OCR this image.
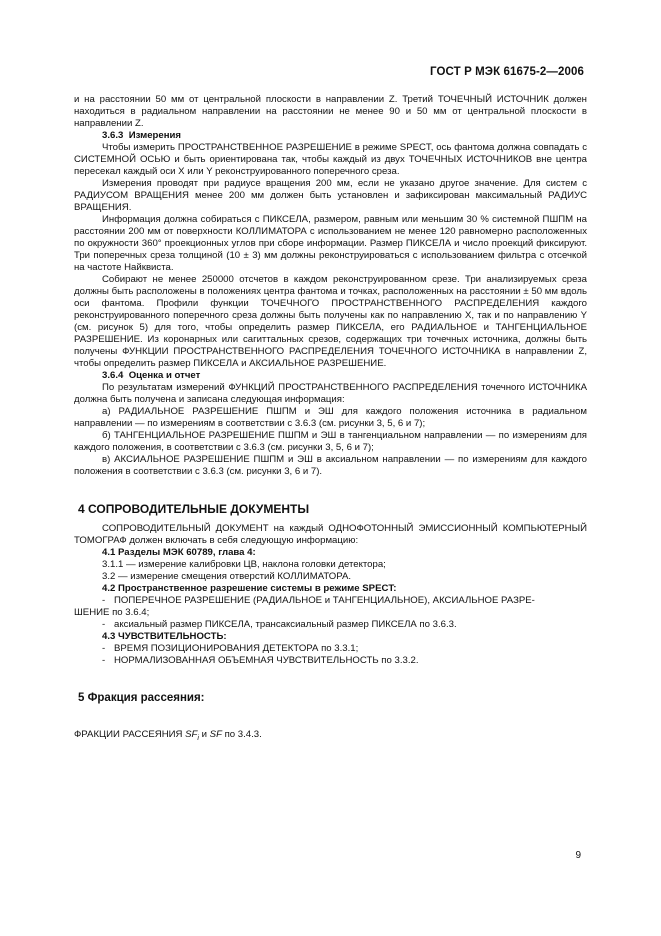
ГОСТ Р МЭК 61675-2—2006

и на расстоянии 50 мм от центральной плоскости в направлении Z. Третий ТОЧЕЧНЫЙ ИСТОЧНИК должен находиться в радиальном направлении на расстоянии не менее 90 и 50 мм от центральной плоскости в направлении Z.

3.6.3 Измерения

Чтобы измерить ПРОСТРАНСТВЕННОЕ РАЗРЕШЕНИЕ в режиме SPECT, ось фантома должна совпадать с СИСТЕМНОЙ ОСЬЮ и быть ориентирована так, чтобы каждый из двух ТОЧЕЧНЫХ ИСТОЧНИКОВ вне центра пересекал каждый оси X или Y реконструированного поперечного среза.

Измерения проводят при радиусе вращения 200 мм, если не указано другое значение. Для систем с РАДИУСОМ ВРАЩЕНИЯ менее 200 мм должен быть установлен и зафиксирован максимальный РАДИУС ВРАЩЕНИЯ.

Информация должна собираться с ПИКСЕЛА, размером, равным или меньшим 30 % системной ПШПМ на расстоянии 200 мм от поверхности КОЛЛИМАТОРА с использованием не менее 120 равномерно расположенных по окружности 360° проекционных углов при сборе информации. Размер ПИКСЕЛА и число проекций фиксируют. Три поперечных среза толщиной (10 ± 3) мм должны реконструироваться с использованием фильтра с отсечкой на частоте Найквиста.

Собирают не менее 250000 отсчетов в каждом реконструированном срезе. Три анализируемых среза должны быть расположены в положениях центра фантома и точках, расположенных на расстоянии ± 50 мм вдоль оси фантома. Профили функции ТОЧЕЧНОГО ПРОСТРАНСТВЕННОГО РАСПРЕДЕЛЕНИЯ каждого реконструированного поперечного среза должны быть получены как по направлению X, так и по направлению Y (см. рисунок 5) для того, чтобы определить размер ПИКСЕЛА, его РАДИАЛЬНОЕ и ТАНГЕНЦИАЛЬНОЕ РАЗРЕШЕНИЕ. Из коронарных или сагиттальных срезов, содержащих три точечных источника, должны быть получены ФУНКЦИИ ПРОСТРАНСТВЕННОГО РАСПРЕДЕЛЕНИЯ ТОЧЕЧНОГО ИСТОЧНИКА в направлении Z, чтобы определить размер ПИКСЕЛА и АКСИАЛЬНОЕ РАЗРЕШЕНИЕ.

3.6.4 Оценка и отчет

По результатам измерений ФУНКЦИЙ ПРОСТРАНСТВЕННОГО РАСПРЕДЕЛЕНИЯ точечного ИСТОЧНИКА должна быть получена и записана следующая информация:

а) РАДИАЛЬНОЕ РАЗРЕШЕНИЕ ПШПМ и ЭШ для каждого положения источника в радиальном направлении — по измерениям в соответствии с 3.6.3 (см. рисунки 3, 5, 6 и 7);

б) ТАНГЕНЦИАЛЬНОЕ РАЗРЕШЕНИЕ ПШПМ и ЭШ в тангенциальном направлении — по измерениям для каждого положения, в соответствии с 3.6.3 (см. рисунки 3, 5, 6 и 7);

в) АКСИАЛЬНОЕ РАЗРЕШЕНИЕ ПШПМ и ЭШ в аксиальном направлении — по измерениям для каждого положения в соответствии с 3.6.3 (см. рисунки 3, 6 и 7).

4 СОПРОВОДИТЕЛЬНЫЕ ДОКУМЕНТЫ

СОПРОВОДИТЕЛЬНЫЙ ДОКУМЕНТ на каждый ОДНОФОТОННЫЙ ЭМИССИОННЫЙ КОМПЬЮТЕРНЫЙ ТОМОГРАФ должен включать в себя следующую информацию:

4.1 Разделы МЭК 60789, глава 4:

3.1.1 — измерение калибровки ЦВ, наклона головки детектора;

3.2 — измерение смещения отверстий КОЛЛИМАТОРА.

4.2 Пространственное разрешение системы в режиме SPECT:

- ПОПЕРЕЧНОЕ РАЗРЕШЕНИЕ (РАДИАЛЬНОЕ и ТАНГЕНЦИАЛЬНОЕ), АКСИАЛЬНОЕ РАЗРЕ-

ШЕНИЕ по 3.6.4;

- аксиальный размер ПИКСЕЛА, трансаксиальный размер ПИКСЕЛА по 3.6.3.

4.3 ЧУВСТВИТЕЛЬНОСТЬ:

- ВРЕМЯ ПОЗИЦИОНИРОВАНИЯ ДЕТЕКТОРА по 3.3.1;
- НОРМАЛИЗОВАННАЯ ОБЪЕМНАЯ ЧУВСТВИТЕЛЬНОСТЬ по 3.3.2.

5 Фракция рассеяния:

ФРАКЦИИ РАССЕЯНИЯ $SF_i$ и SF по 3.4.3.

9
